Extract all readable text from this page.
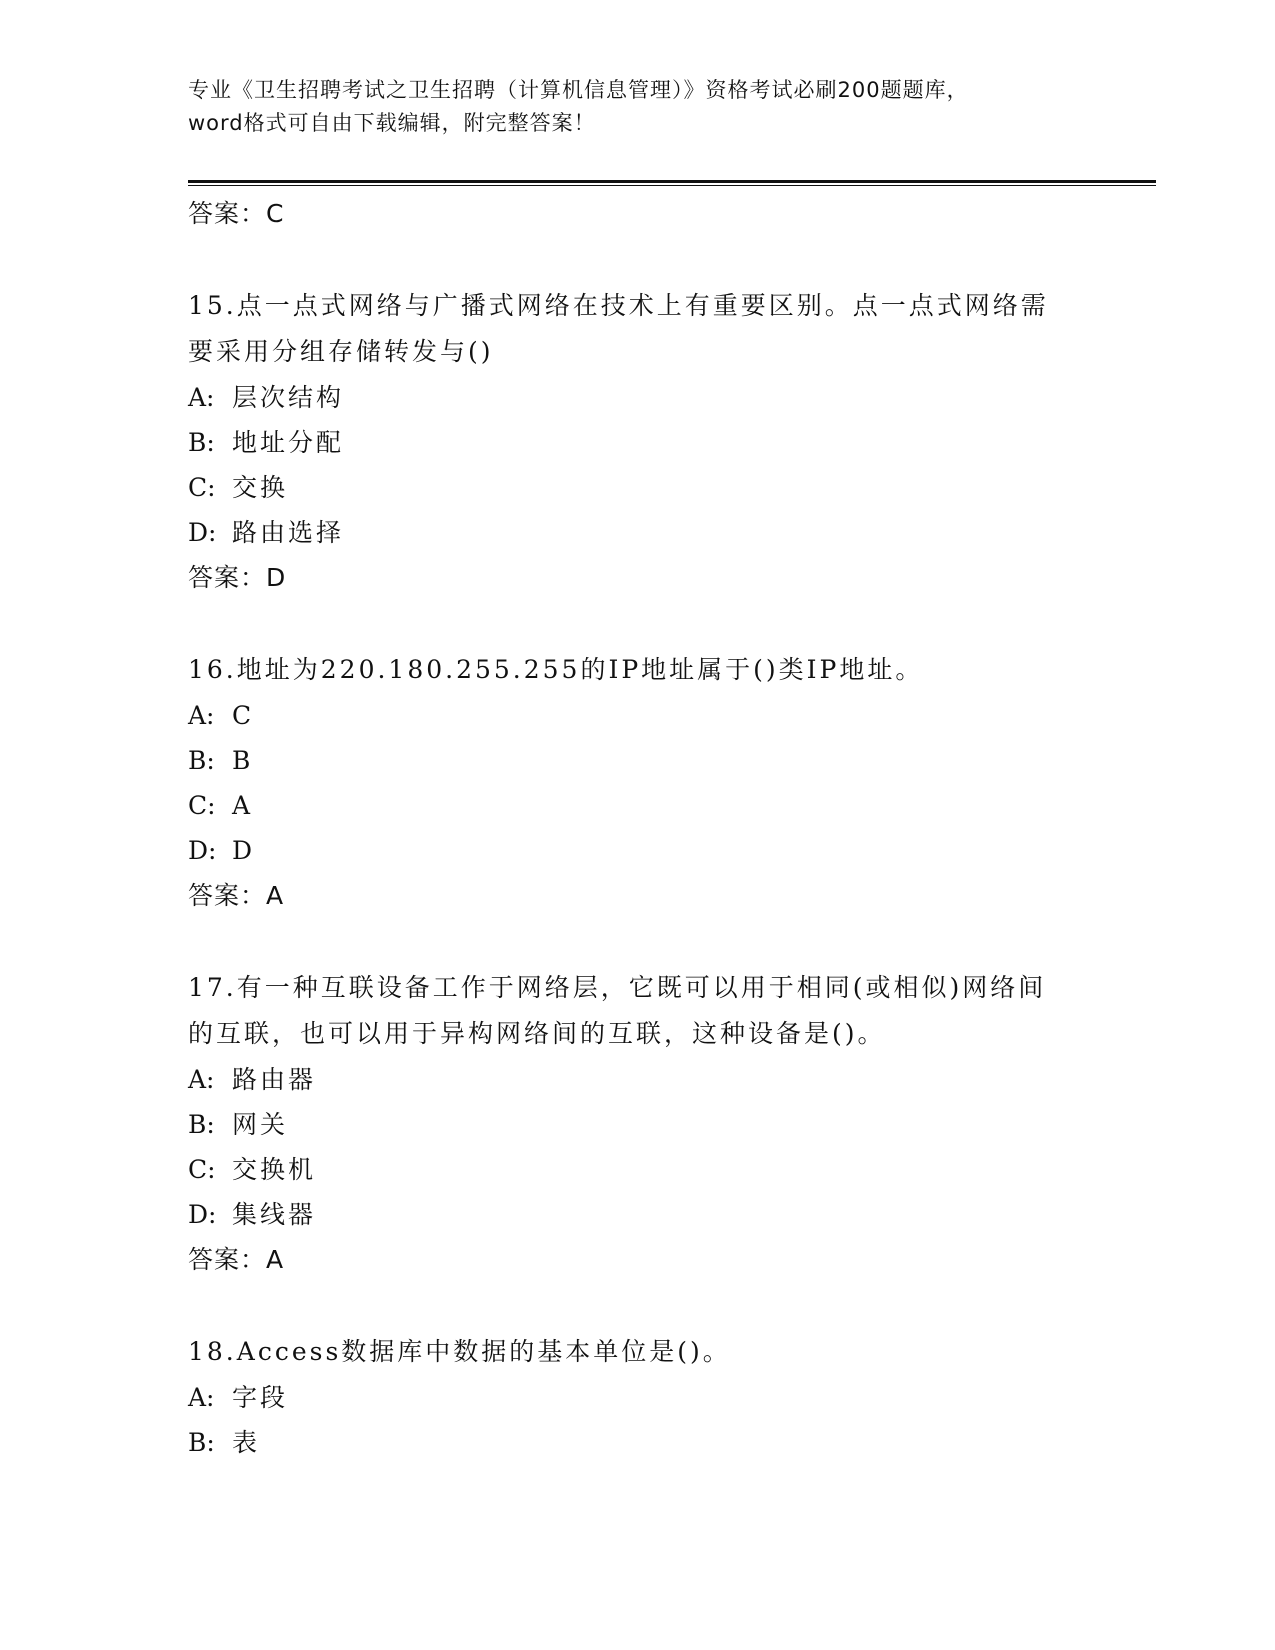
专业《卫生招聘考试之卫生招聘（计算机信息管理）》资格考试必刷200题题库，
word格式可自由下载编辑，附完整答案！
答案：C
15.点一点式网络与广播式网络在技术上有重要区别。点一点式网络需
要采用分组存储转发与()
A: 层次结构
B: 地址分配
C: 交换
D: 路由选择
答案：D
16.地址为220.180.255.255的IP地址属于()类IP地址。
A: C
B: B
C: A
D: D
答案：A
17.有一种互联设备工作于网络层，它既可以用于相同(或相似)网络间
的互联，也可以用于异构网络间的互联，这种设备是()。
A: 路由器
B: 网关
C: 交换机
D: 集线器
答案：A
18.Access数据库中数据的基本单位是()。
A: 字段
B: 表
